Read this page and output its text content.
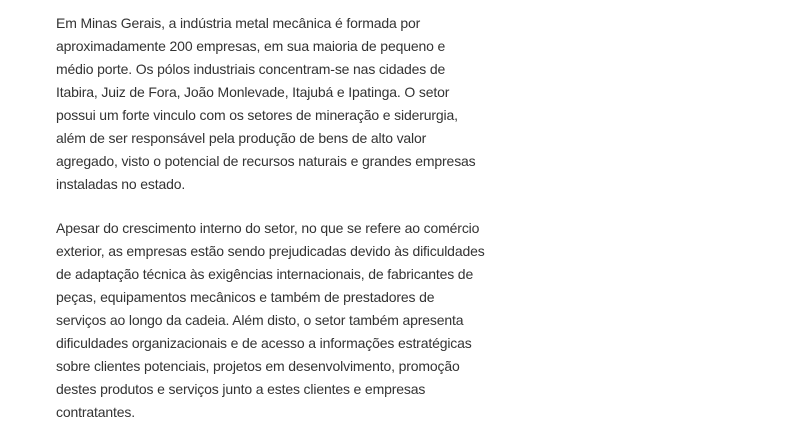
Em Minas Gerais, a indústria metal mecânica é formada por
aproximadamente 200 empresas, em sua maioria de pequeno e
médio porte. Os pólos industriais concentram-se nas cidades de
Itabira, Juiz de Fora, João Monlevade, Itajubá e Ipatinga. O setor
possui um forte vinculo com os setores de mineração e siderurgia,
além de ser responsável pela produção de bens de alto valor
agregado, visto o potencial de recursos naturais e grandes empresas
instaladas no estado.

Apesar do crescimento interno do setor, no que se refere ao comércio
exterior, as empresas estão sendo prejudicadas devido às dificuldades
de adaptação técnica às exigências internacionais, de fabricantes de
peças, equipamentos mecânicos e também de prestadores de
serviços ao longo da cadeia. Além disto, o setor também apresenta
dificuldades organizacionais e de acesso a informações estratégicas
sobre clientes potenciais, projetos em desenvolvimento, promoção
destes produtos e serviços junto a estes clientes e empresas
contratantes.
